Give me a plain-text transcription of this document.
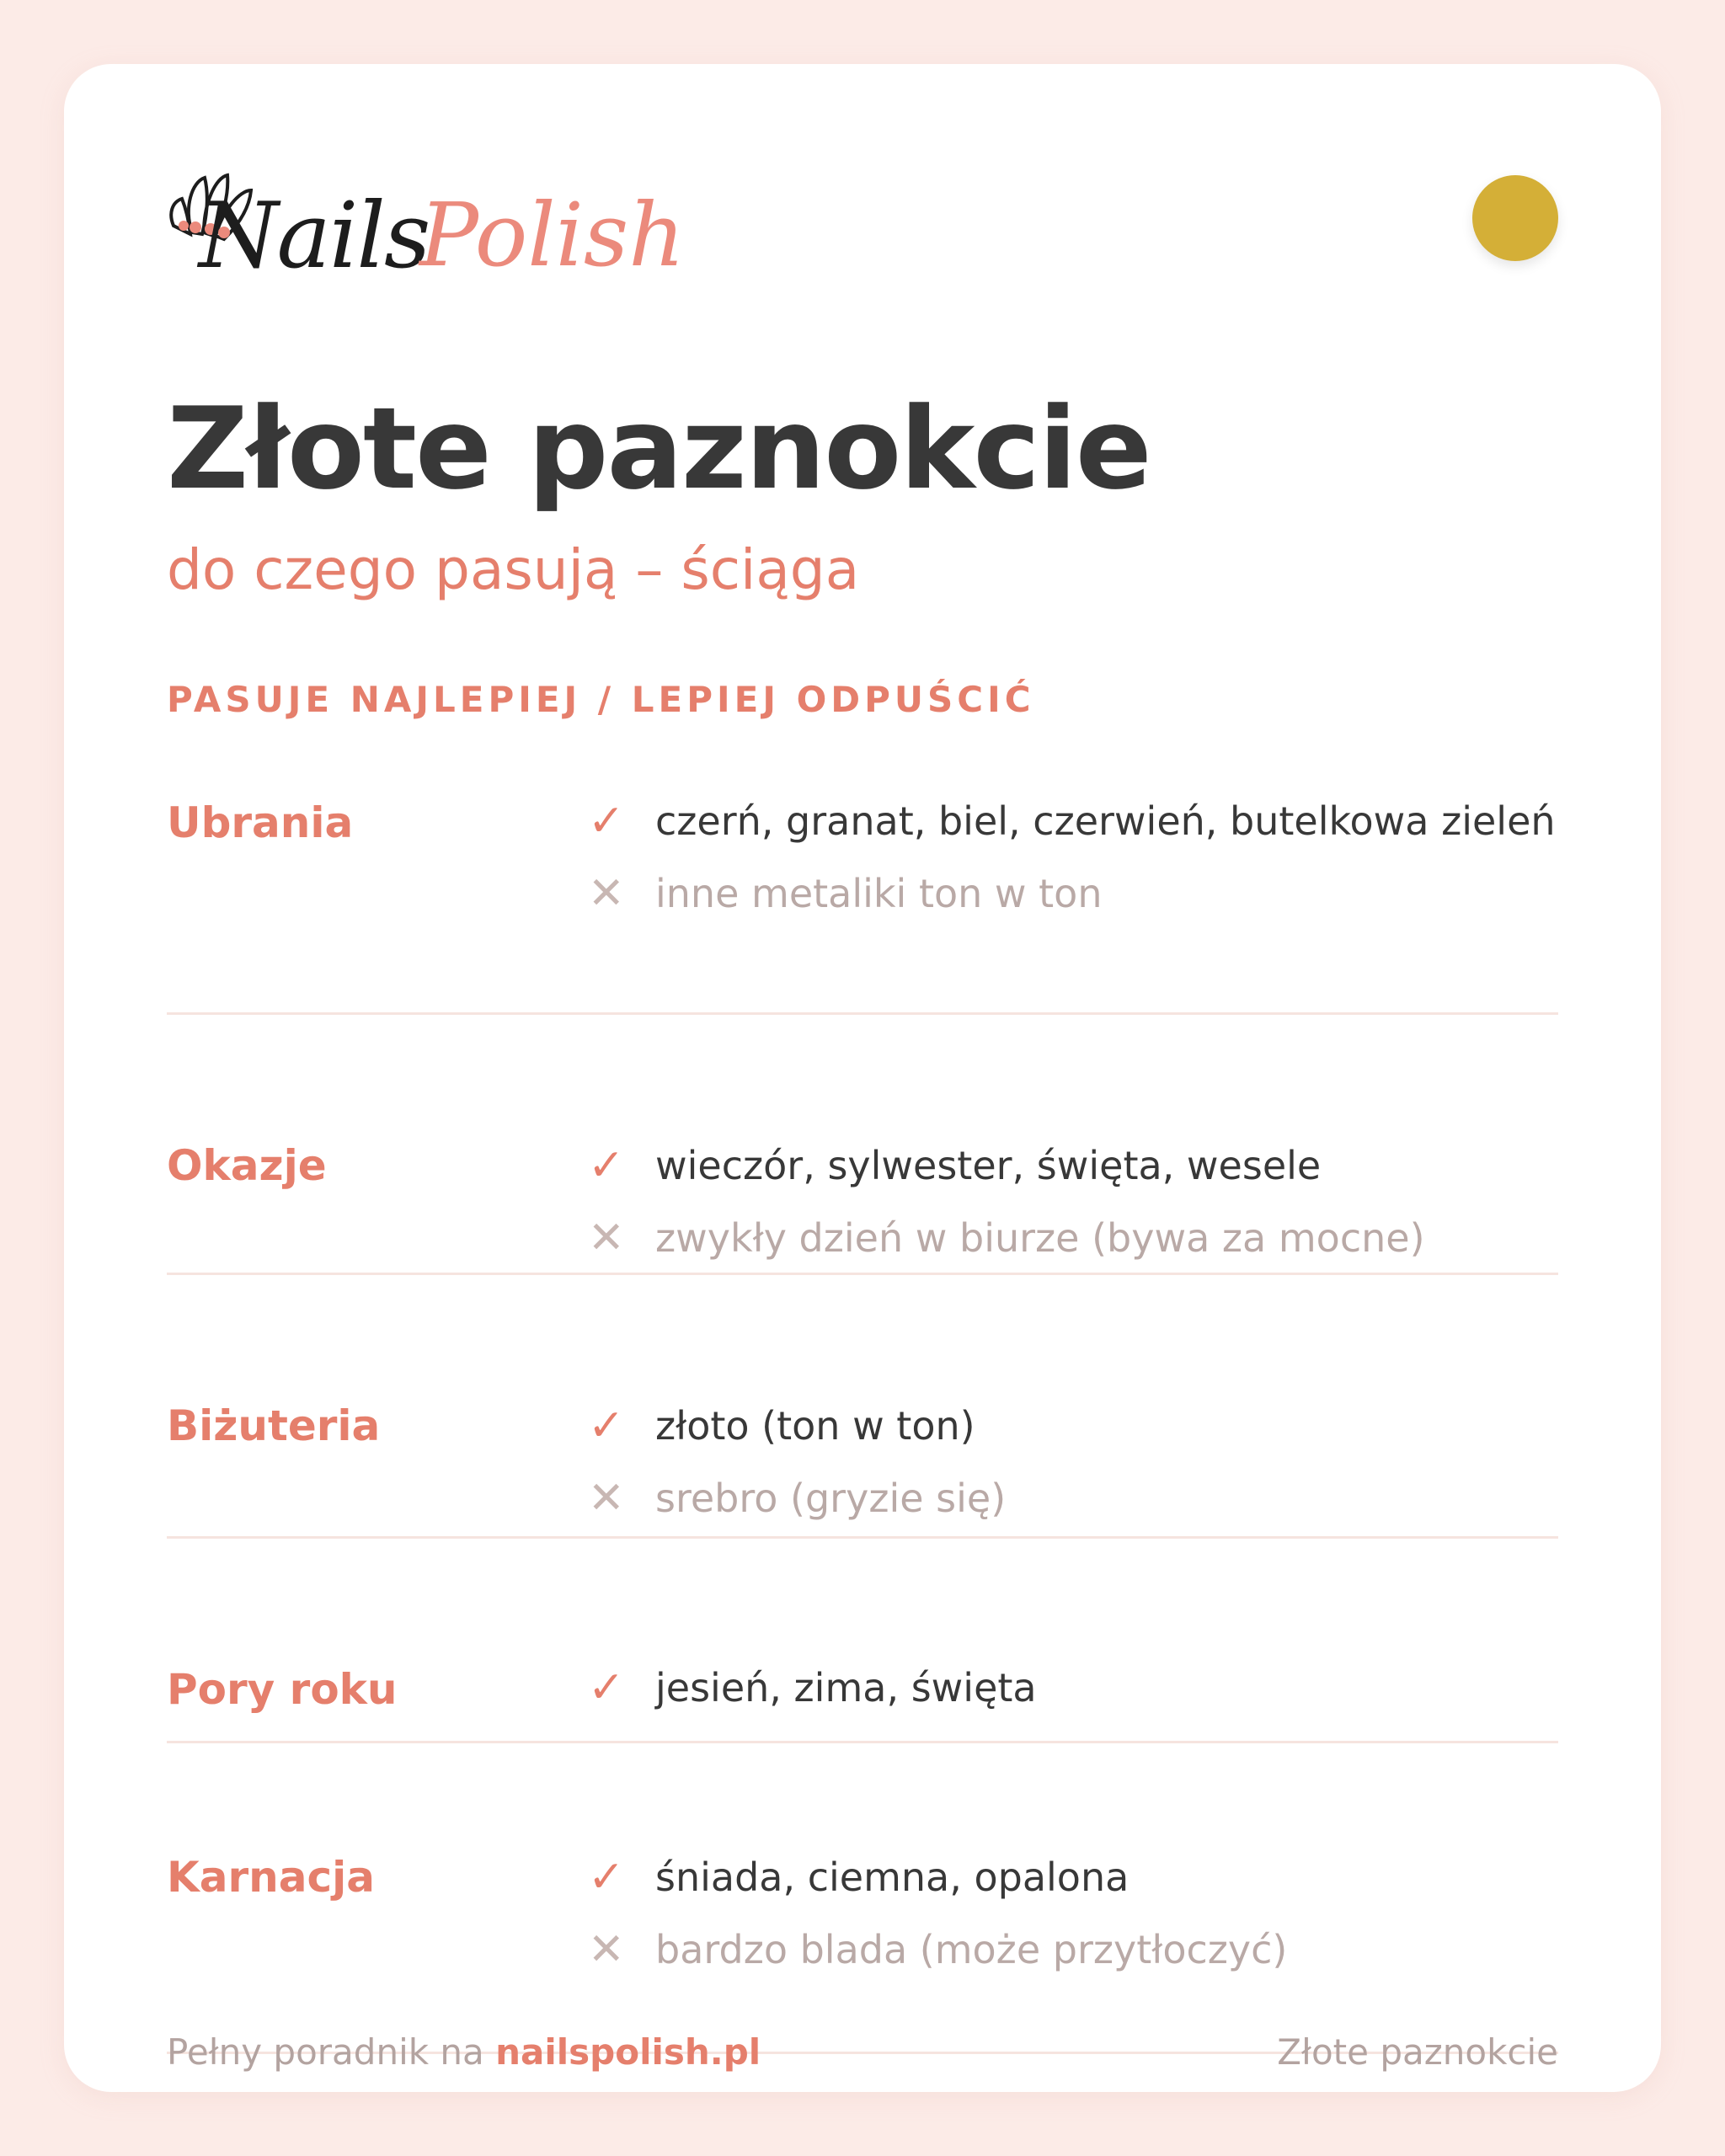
Nails
Polish
Złote paznokcie

do czego pasują – ściąga

PASUJE NAJLEPIEJ / LEPIEJ ODPUŚCIĆ
Ubrania	✓ czerń, granat, biel, czerwień, butelkowa zieleń
✕ inne metaliki ton w ton
Okazje	✓ wieczór, sylwester, święta, wesele
✕ zwykły dzień w biurze (bywa za mocne)
Biżuteria	✓ złoto (ton w ton)
✕ srebro (gryzie się)
Pory roku	✓ jesień, zima, święta
Karnacja	✓ śniada, ciemna, opalona
✕ bardzo blada (może przytłoczyć)
Pełny poradnik na nailspolish.pl	Złote paznokcie
